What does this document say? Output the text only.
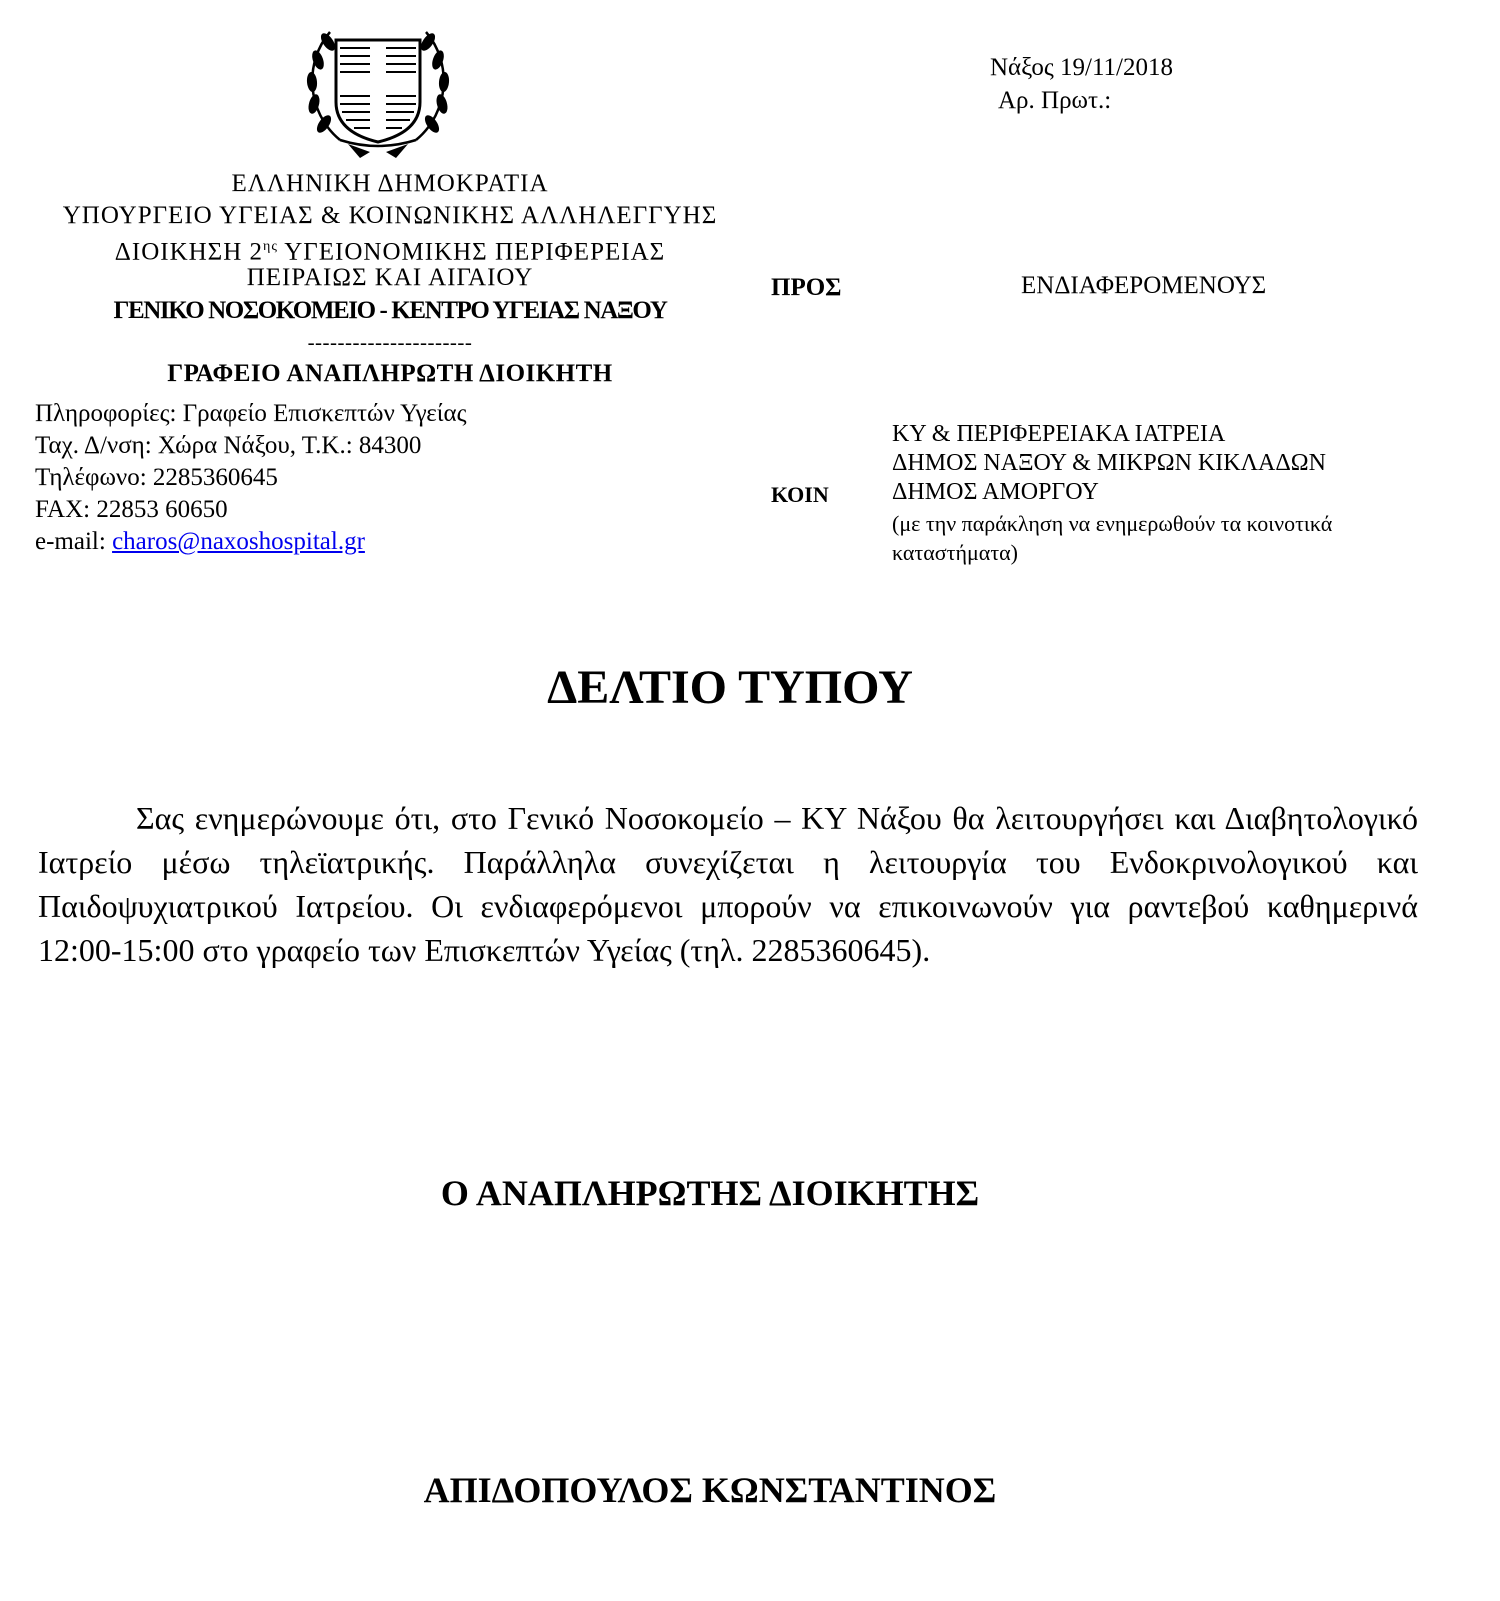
ΕΛΛΗΝΙΚΗ ΔΗΜΟΚΡΑΤΙΑ
ΥΠΟΥΡΓΕΙΟ ΥΓΕΙΑΣ & ΚΟΙΝΩΝΙΚΗΣ ΑΛΛΗΛΕΓΓΥΗΣ
ΔΙΟΙΚΗΣΗ $2^{\eta\varsigma}$ ΥΓΕΙΟΝΟΜΙΚΗΣ ΠΕΡΙΦΕΡΕΙΑΣ
ΠΕΙΡΑΙΩΣ ΚΑΙ ΑΙΓΑΙΟΥ
ΓΕΝΙΚΟ ΝΟΣΟΚΟΜΕΙΟ - ΚΕΝΤΡΟ ΥΓΕΙΑΣ ΝΑΞΟΥ
----------------------
ΓΡΑΦΕΙΟ ΑΝΑΠΛΗΡΩΤΗ ΔΙΟΙΚΗΤΗ
Πληροφορίες: Γραφείο Επισκεπτών Υγείας
Ταχ. Δ/νση: Χώρα Νάξου, Τ.Κ.: 84300
Τηλέφωνο: 2285360645
FAX: 22853 60650
e-mail: charos@naxoshospital.gr
Νάξος 19/11/2018
Αρ. Πρωτ.:
ΠΡΟΣ	ΕΝΔΙΑΦΕΡΟΜΕΝΟΥΣ
ΚΟΙΝ
ΚΥ & ΠΕΡΙΦΕΡΕΙΑΚΑ ΙΑΤΡΕΙΑ
ΔΗΜΟΣ ΝΑΞΟΥ & ΜΙΚΡΩΝ ΚΙΚΛΑΔΩΝ
ΔΗΜΟΣ ΑΜΟΡΓΟΥ
(με την παράκληση να ενημερωθούν τα κοινοτικά
καταστήματα)
ΔΕΛΤΙΟ ΤΥΠΟΥ
Σας ενημερώνουμε ότι, στο Γενικό Νοσοκομείο – ΚΥ Νάξου θα λειτουργήσει και Διαβητολογικό Ιατρείο μέσω τηλεϊατρικής. Παράλληλα συνεχίζεται η λειτουργία του Ενδοκρινολογικού και Παιδοψυχιατρικού Ιατρείου. Οι ενδιαφερόμενοι μπορούν να επικοινωνούν για ραντεβού καθημερινά 12:00-15:00 στο γραφείο των Επισκεπτών Υγείας (τηλ. 2285360645).
Ο ΑΝΑΠΛΗΡΩΤΗΣ ΔΙΟΙΚΗΤΗΣ
ΑΠΙΔΟΠΟΥΛΟΣ ΚΩΝΣΤΑΝΤΙΝΟΣ
